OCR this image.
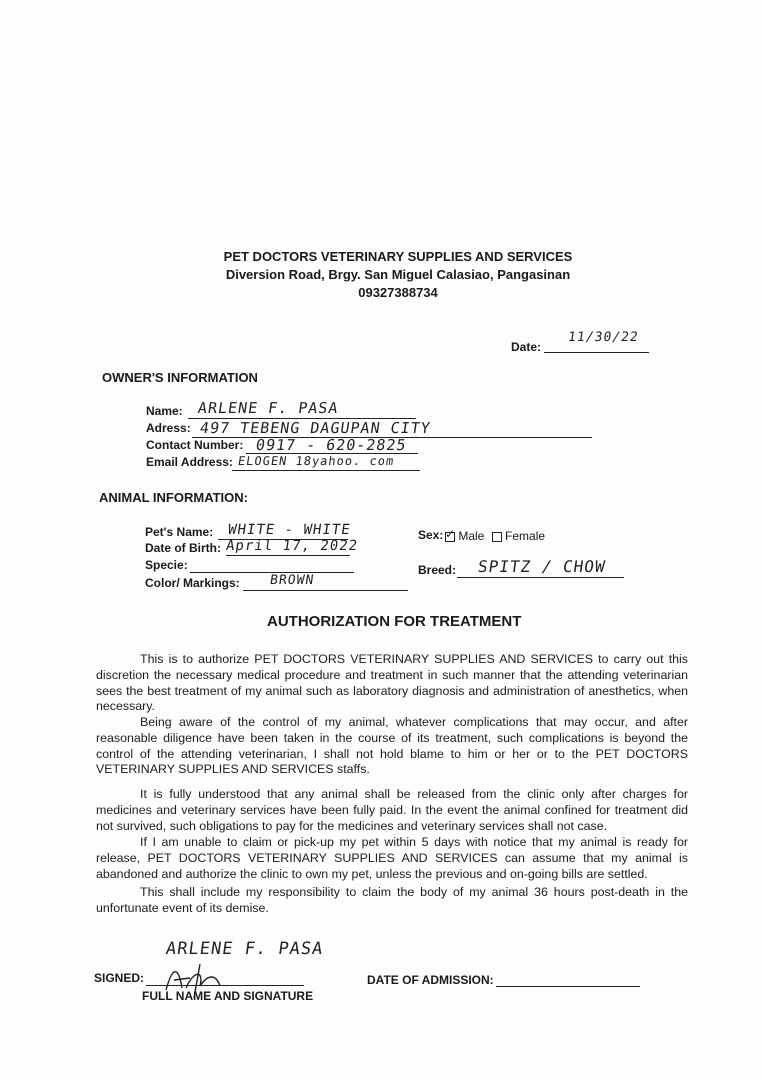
PET DOCTORS VETERINARY SUPPLIES AND SERVICES
Diversion Road, Brgy. San Miguel Calasiao, Pangasinan
09327388734
Date:
11/30/22
OWNER'S INFORMATION
Name: ARLENE F. PASA
Adress: 497 TEBENG DAGUPAN CITY
Contact Number: 0917 - 620-2825
Email Address: ELOGEN 18yahoo. com
ANIMAL INFORMATION:
Pet's Name: WHITE - WHITE
Date of Birth: April 17, 2022
Specie:
Color/ Markings: BROWN
Sex: ✓ Male Female
Breed: SPITZ / CHOW
AUTHORIZATION FOR TREATMENT
This is to authorize PET DOCTORS VETERINARY SUPPLIES AND SERVICES to carry out this discretion the necessary medical procedure and treatment in such manner that the attending veterinarian sees the best treatment of my animal such as laboratory diagnosis and administration of anesthetics, when necessary.
Being aware of the control of my animal, whatever complications that may occur, and after reasonable diligence have been taken in the course of its treatment, such complications is beyond the control of the attending veterinarian, I shall not hold blame to him or her or to the PET DOCTORS VETERINARY SUPPLIES AND SERVICES staffs.
It is fully understood that any animal shall be released from the clinic only after charges for medicines and veterinary services have been fully paid. In the event the animal confined for treatment did not survived, such obligations to pay for the medicines and veterinary services shall not case.
If I am unable to claim or pick-up my pet within 5 days with notice that my animal is ready for release, PET DOCTORS VETERINARY SUPPLIES AND SERVICES can assume that my animal is abandoned and authorize the clinic to own my pet, unless the previous and on-going bills are settled.
This shall include my responsibility to claim the body of my animal 36 hours post-death in the unfortunate event of its demise.
SIGNED:
ARLENE F. PASA
FULL NAME AND SIGNATURE
DATE OF ADMISSION:
